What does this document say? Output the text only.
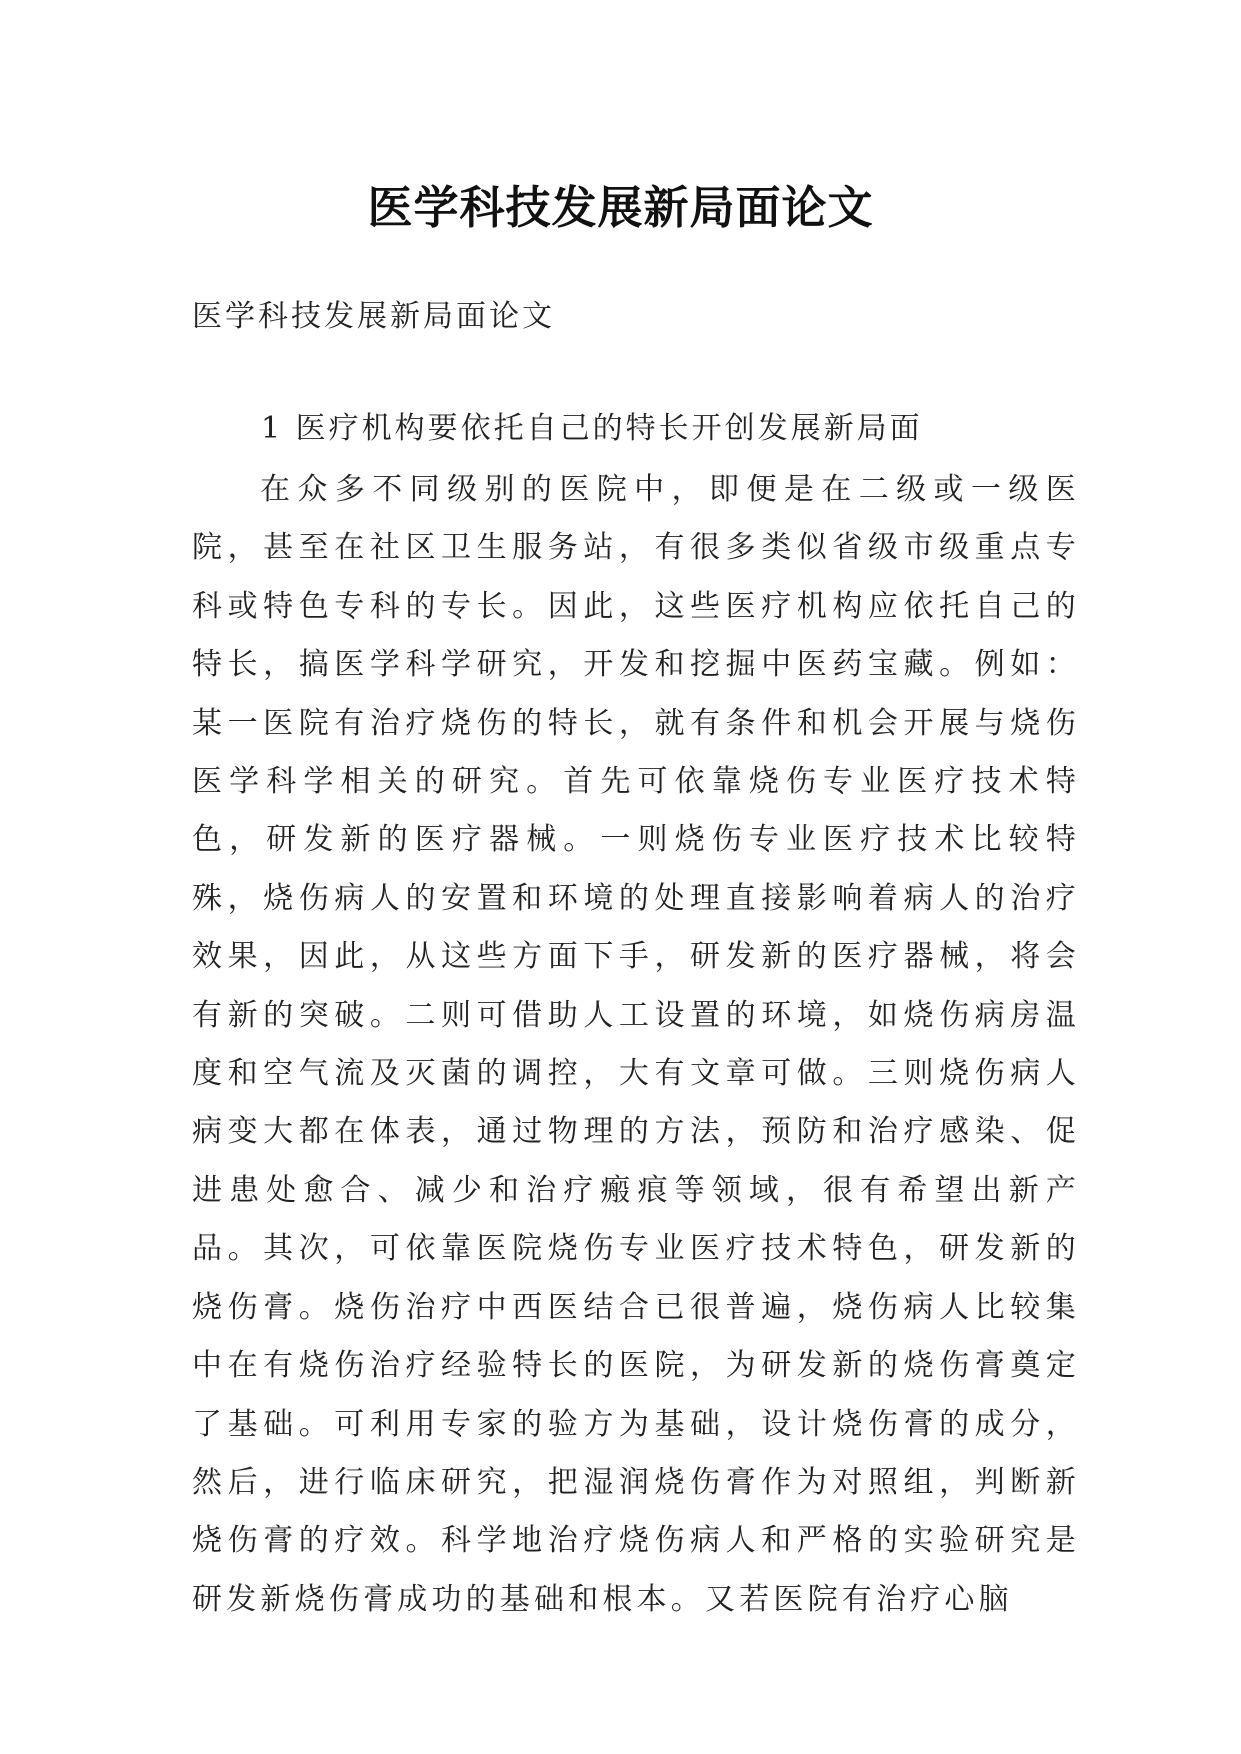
医学科技发展新局面论文
医学科技发展新局面论文
1 医疗机构要依托自己的特长开创发展新局面

在众多不同级别的医院中，即便是在二级或一级医院，甚至在社区卫生服务站，有很多类似省级市级重点专科或特色专科的专长。因此，这些医疗机构应依托自己的特长，搞医学科学研究，开发和挖掘中医药宝藏。例如：某一医院有治疗烧伤的特长，就有条件和机会开展与烧伤医学科学相关的研究。首先可依靠烧伤专业医疗技术特色，研发新的医疗器械。一则烧伤专业医疗技术比较特殊，烧伤病人的安置和环境的处理直接影响着病人的治疗效果，因此，从这些方面下手，研发新的医疗器械，将会有新的突破。二则可借助人工设置的环境，如烧伤病房温度和空气流及灭菌的调控，大有文章可做。三则烧伤病人病变大都在体表，通过物理的方法，预防和治疗感染、促进患处愈合、减少和治疗瘢痕等领域，很有希望出新产品。其次，可依靠医院烧伤专业医疗技术特色，研发新的烧伤膏。烧伤治疗中西医结合已很普遍，烧伤病人比较集中在有烧伤治疗经验特长的医院，为研发新的烧伤膏奠定了基础。可利用专家的验方为基础，设计烧伤膏的成分，然后，进行临床研究，把湿润烧伤膏作为对照组，判断新烧伤膏的疗效。科学地治疗烧伤病人和严格的实验研究是研发新烧伤膏成功的基础和根本。又若医院有治疗心脑
